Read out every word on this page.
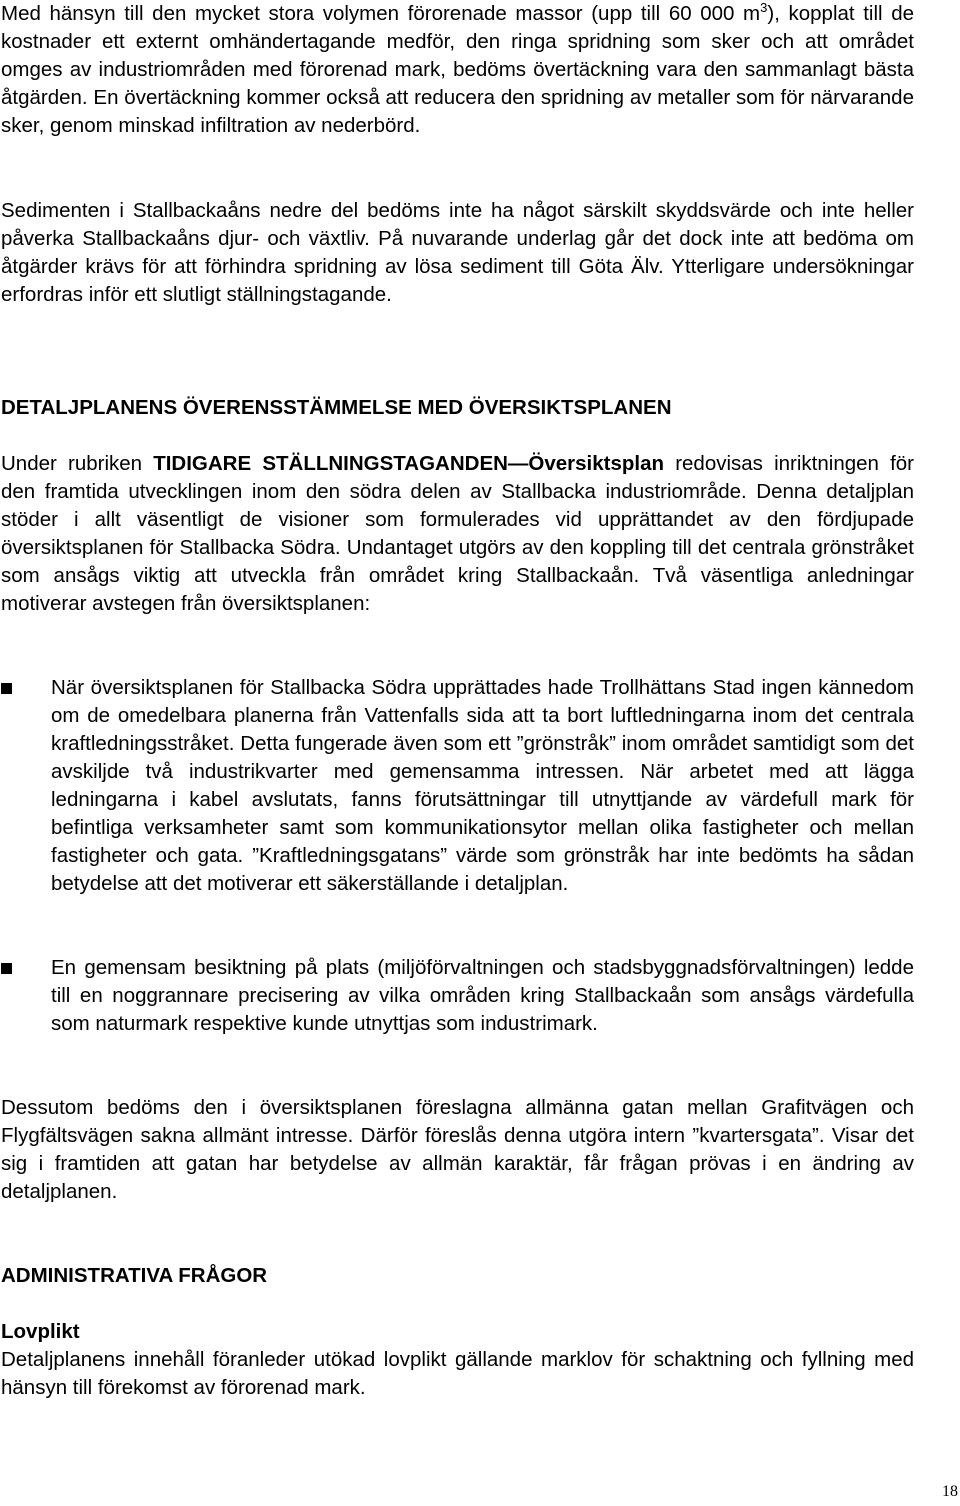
Med hänsyn till den mycket stora volymen förorenade massor (upp till 60 000 $m^3$), kopplat till de kostnader ett externt omhändertagande medför, den ringa spridning som sker och att området omges av industriområden med förorenad mark, bedöms övertäckning vara den sammanlagt bästa åtgärden. En övertäckning kommer också att reducera den spridning av metaller som för närvarande sker, genom minskad infiltration av nederbörd.

Sedimenten i Stallbackaåns nedre del bedöms inte ha något särskilt skyddsvärde och inte heller påverka Stallbackaåns djur- och växtliv. På nuvarande underlag går det dock inte att bedöma om åtgärder krävs för att förhindra spridning av lösa sediment till Göta Älv. Ytterligare undersökningar erfordras inför ett slutligt ställningstagande.

DETALJPLANENS ÖVERENSSTÄMMELSE MED ÖVERSIKTSPLANEN

Under rubriken TIDIGARE STÄLLNINGSTAGANDEN—Översiktsplan redovisas inriktningen för den framtida utvecklingen inom den södra delen av Stallbacka industriområde. Denna detaljplan stöder i allt väsentligt de visioner som formulerades vid upprättandet av den fördjupade översiktsplanen för Stallbacka Södra. Undantaget utgörs av den koppling till det centrala grönstråket som ansågs viktig att utveckla från området kring Stallbackaån. Två väsentliga anledningar motiverar avstegen från översiktsplanen:

När översiktsplanen för Stallbacka Södra upprättades hade Trollhättans Stad ingen kännedom om de omedelbara planerna från Vattenfalls sida att ta bort luftledningarna inom det centrala kraftledningsstråket. Detta fungerade även som ett ”grönstråk” inom området samtidigt som det avskiljde två industrikvarter med gemensamma intressen. När arbetet med att lägga ledningarna i kabel avslutats, fanns förutsättningar till utnyttjande av värdefull mark för befintliga verksamheter samt som kommunikationsytor mellan olika fastigheter och mellan fastigheter och gata. ”Kraftledningsgatans” värde som grönstråk har inte bedömts ha sådan betydelse att det motiverar ett säkerställande i detaljplan.

En gemensam besiktning på plats (miljöförvaltningen och stadsbyggnadsförvaltningen) ledde till en noggrannare precisering av vilka områden kring Stallbackaån som ansågs värdefulla som naturmark respektive kunde utnyttjas som industrimark.

Dessutom bedöms den i översiktsplanen föreslagna allmänna gatan mellan Grafitvägen och Flygfältsvägen sakna allmänt intresse. Därför föreslås denna utgöra intern ”kvartersgata”. Visar det sig i framtiden att gatan har betydelse av allmän karaktär, får frågan prövas i en ändring av detaljplanen.

ADMINISTRATIVA FRÅGOR
Lovplikt

Detaljplanens innehåll föranleder utökad lovplikt gällande marklov för schaktning och fyllning med hänsyn till förekomst av förorenad mark.

18
